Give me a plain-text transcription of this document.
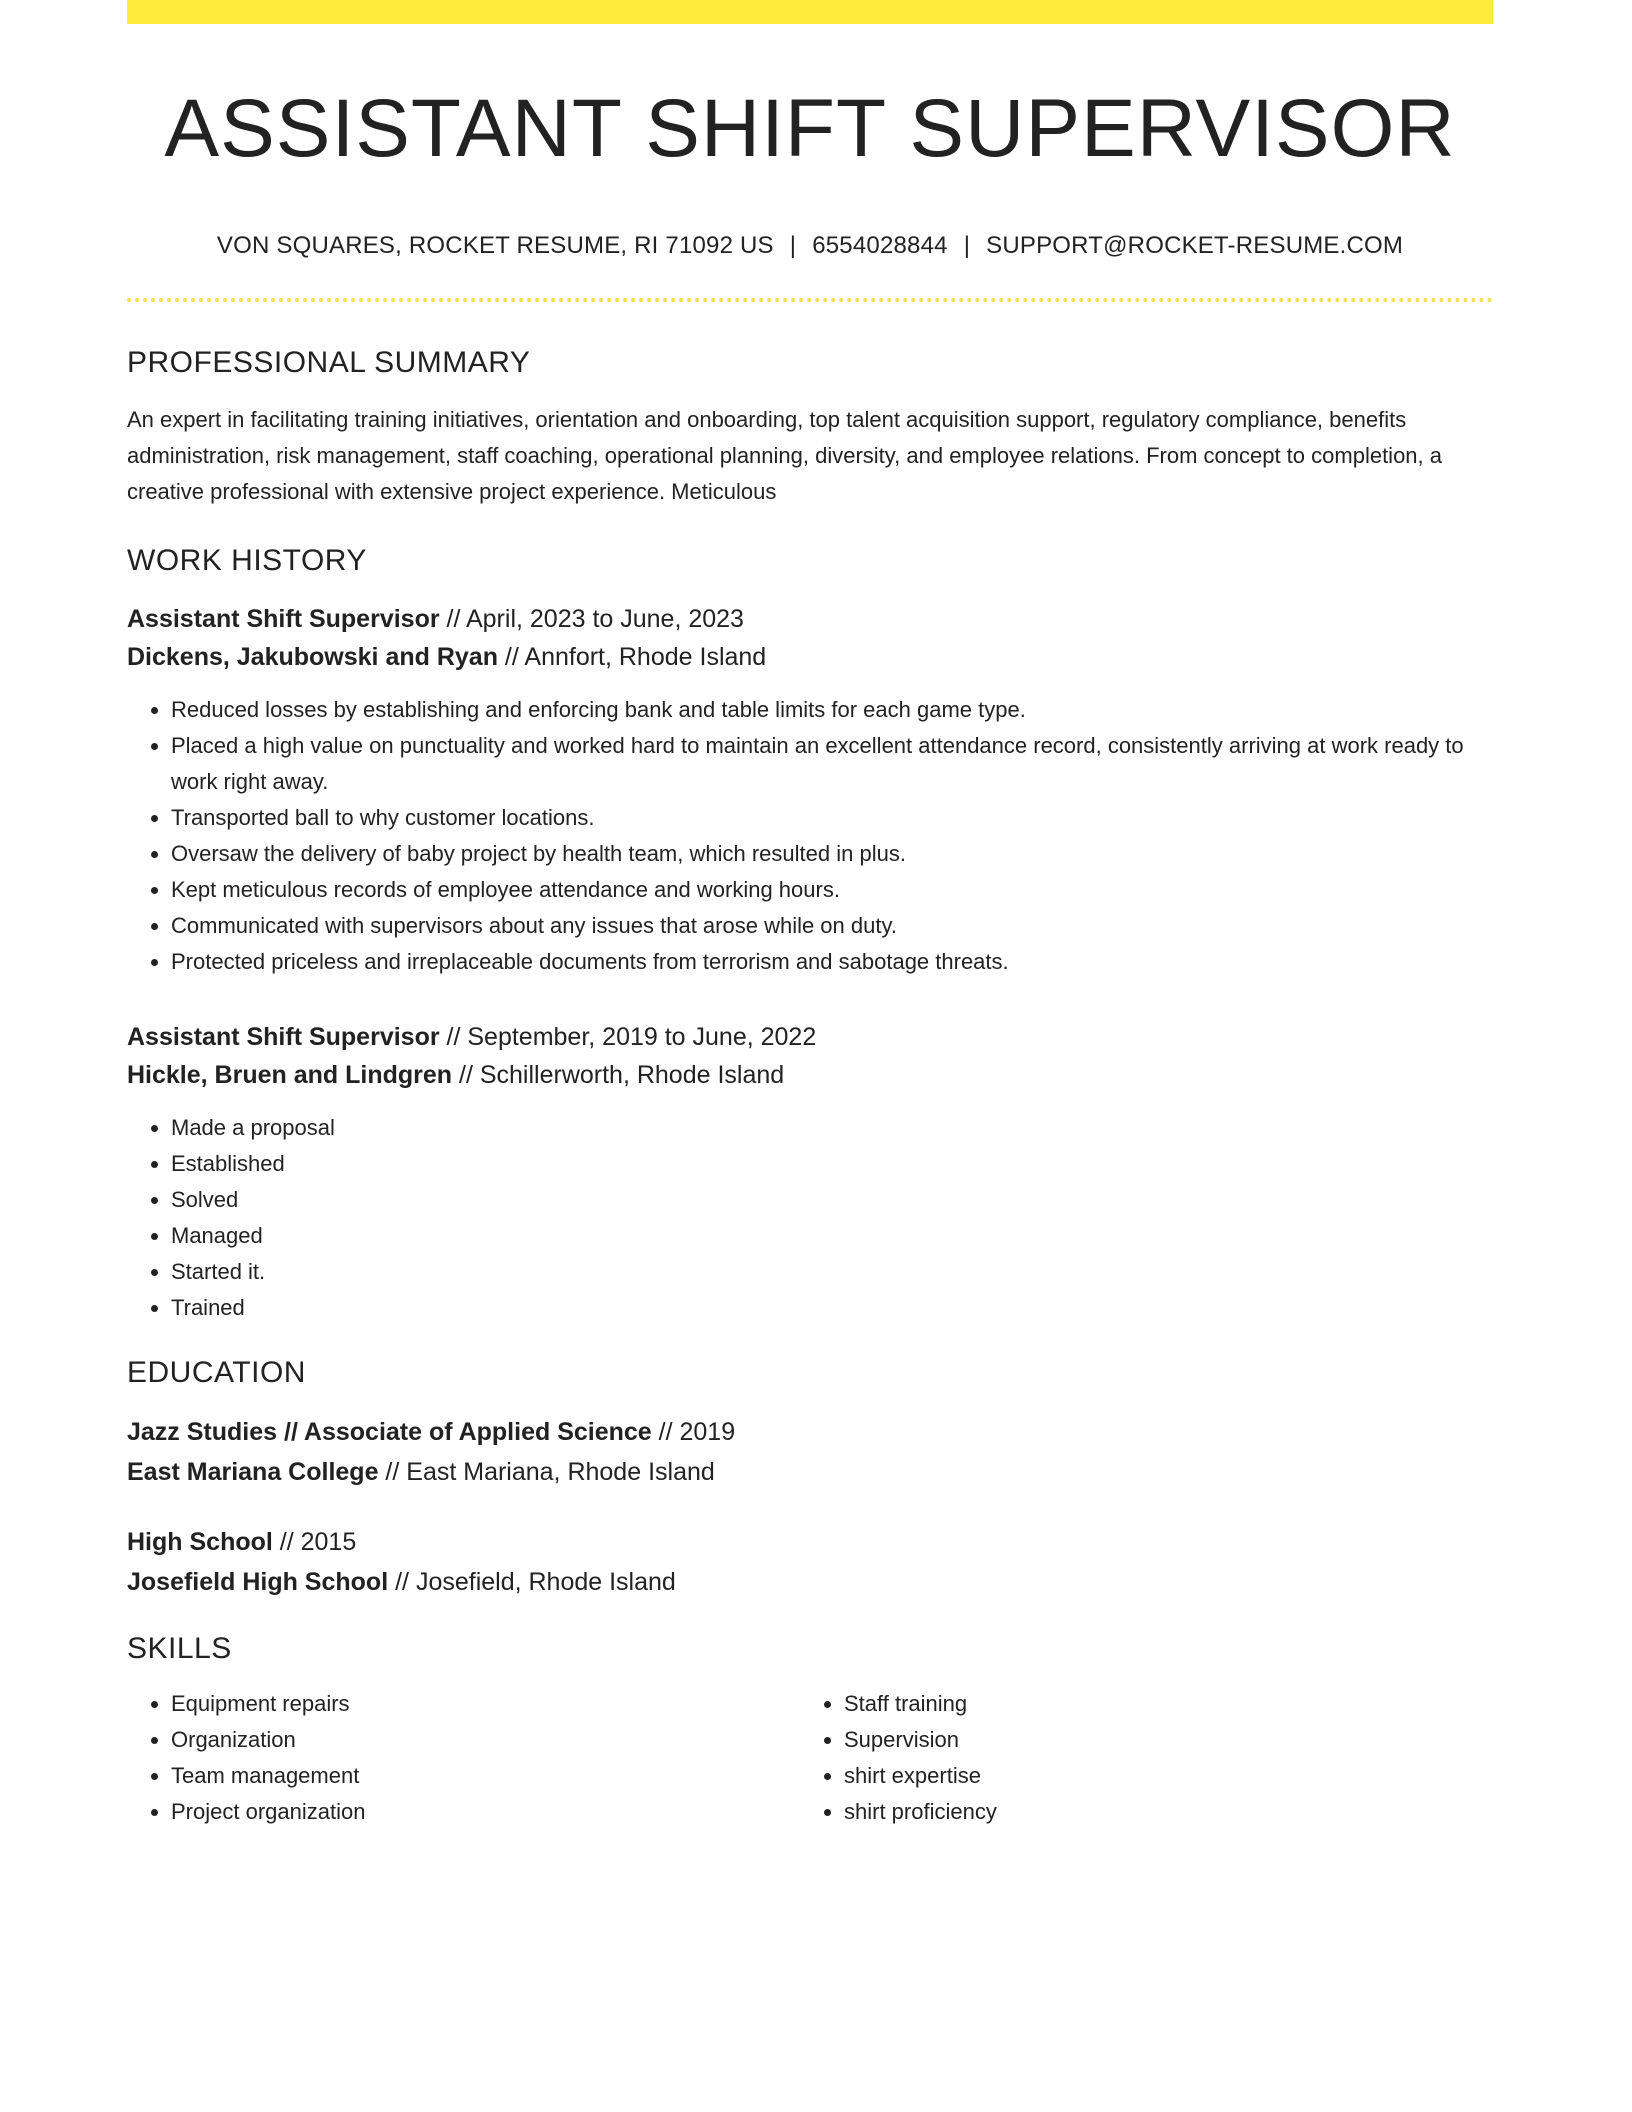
ASSISTANT SHIFT SUPERVISOR
VON SQUARES, ROCKET RESUME, RI 71092 US | 6554028844 | SUPPORT@ROCKET-RESUME.COM
PROFESSIONAL SUMMARY
An expert in facilitating training initiatives, orientation and onboarding, top talent acquisition support, regulatory compliance, benefits administration, risk management, staff coaching, operational planning, diversity, and employee relations. From concept to completion, a creative professional with extensive project experience. Meticulous
WORK HISTORY
Assistant Shift Supervisor // April, 2023 to June, 2023
Dickens, Jakubowski and Ryan // Annfort, Rhode Island
• Reduced losses by establishing and enforcing bank and table limits for each game type.
• Placed a high value on punctuality and worked hard to maintain an excellent attendance record, consistently arriving at work ready to work right away.
• Transported ball to why customer locations.
• Oversaw the delivery of baby project by health team, which resulted in plus.
• Kept meticulous records of employee attendance and working hours.
• Communicated with supervisors about any issues that arose while on duty.
• Protected priceless and irreplaceable documents from terrorism and sabotage threats.
Assistant Shift Supervisor // September, 2019 to June, 2022
Hickle, Bruen and Lindgren // Schillerworth, Rhode Island
• Made a proposal
• Established
• Solved
• Managed
• Started it.
• Trained
EDUCATION
Jazz Studies // Associate of Applied Science // 2019
East Mariana College // East Mariana, Rhode Island
High School // 2015
Josefield High School // Josefield, Rhode Island
SKILLS
• Equipment repairs
• Organization
• Team management
• Project organization
• Staff training
• Supervision
• shirt expertise
• shirt proficiency
